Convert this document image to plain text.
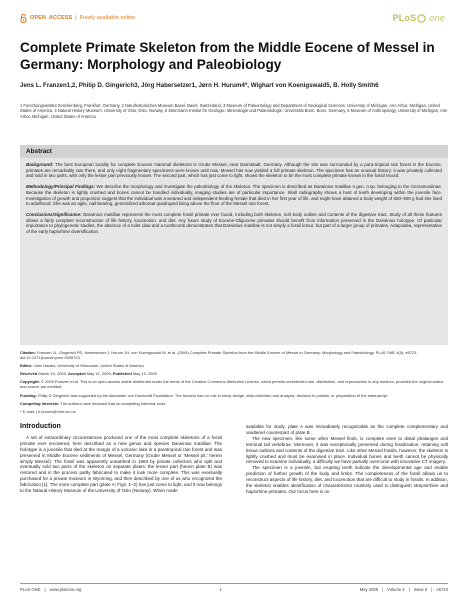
OPEN ACCESS | Freely available online	PLoS one
Complete Primate Skeleton from the Middle Eocene of Messel in Germany: Morphology and Paleobiology
Jens L. Franzen1,2, Philip D. Gingerich3, Jörg Habersetzer1, Jørn H. Hurum4*, Wighart von Koenigswald5, B. Holly Smith6
1 Forschungsinstitut Senckenberg, Frankfurt, Germany, 2 Naturhistorisches Museum Basel, Basel, Switzerland, 3 Museum of Paleontology and Department of Geological Sciences, University of Michigan, Ann Arbor, Michigan, United States of America, 4 Natural History Museum, University of Oslo, Oslo, Norway, 5 Steinmann-Institut für Geologie, Mineralogie und Paläontologie, Universität Bonn, Bonn, Germany, 6 Museum of Anthropology, University of Michigan, Ann Arbor, Michigan, United States of America
Abstract

Background: The best European locality for complete Eocene mammal skeletons is Grube Messel, near Darmstadt, Germany. Although the site was surrounded by a para-tropical rain forest in the Eocene, primates are remarkably rare there, and only eight fragmentary specimens were known until now. Messel has now yielded a full primate skeleton. The specimen has an unusual history: it was privately collected and sold in two parts, with only the lesser part previously known. The second part, which has just come to light, shows the skeleton to be the most complete primate known in the fossil record.

Methodology/Principal Findings: We describe the morphology and investigate the paleobiology of the skeleton. The specimen is described as Darwinius masillae n.gen. n.sp. belonging to the Cercamoniinae. Because the skeleton is lightly crushed and bones cannot be handled individually, imaging studies are of particular importance. Skull radiography shows a host of teeth developing within the juvenile face. Investigation of growth and proportion suggest that the individual was a weaned and independent-feeding female that died in her first year of life, and might have attained a body weight of 650–900 g had she lived to adulthood. She was an agile, nail-bearing, generalized arboreal quadruped living above the floor of the Messel rain forest.

Conclusions/Significance: Darwinius masillae represents the most complete fossil primate ever found, including both skeleton, soft body outline and contents of the digestive tract. Study of all these features allows a fairly complete reconstruction of life history, locomotion, and diet. Any future study of Eocene-Oligocene primates should benefit from information preserved in the Darwinius holotype. Of particular importance to phylogenetic studies, the absence of a toilet claw and a toothcomb demonstrates that Darwinius masillae is not simply a fossil lemur, but part of a larger group of primates, Adapoidea, representative of the early haplorhine diversification.

Citation: Franzen JL, Gingerich PD, Habersetzer J, Hurum JH, von Koenigswald W, et al. (2009) Complete Primate Skeleton from the Middle Eocene of Messel in Germany: Morphology and Paleobiology. PLoS ONE 4(5): e5723. doi:10.1371/journal.pone.0005723

Editor: John Hawks, University of Wisconsin, United States of America

Received March 19, 2009; Accepted May 12, 2009; Published May 19, 2009

Copyright: © 2009 Franzen et al. This is an open-access article distributed under the terms of the Creative Commons Attribution License, which permits unrestricted use, distribution, and reproduction in any medium, provided the original author and source are credited.

Funding: Philip D Gingerich was supported by the Alexander von Humboldt Foundation. The funders had no role in study design, data collection and analysis, decision to publish, or preparation of the manuscript.

Competing Interests: The authors have declared that no competing interests exist.

* E-mail: j.h.hurum@nhm.uio.no

Introduction

A set of extraordinary circumstances produced one of the most complete skeletons of a fossil primate ever recovered, here described as a new genus and species Darwinius masillae. The holotype is a juvenile that died at the margin of a volcanic lake in a paratropical rain forest and was preserved in Middle Eocene sediments of Messel, Germany (Grube Messel or 'Messel pit,' herein simply Messel). The fossil was apparently unearthed in 1983 by private collectors who split and eventually sold two parts of the skeleton on separate plates: the lesser part (herein plate B) was restored and in the process partly fabricated to make it look more complete. This was eventually purchased for a private museum in Wyoming, and then described by one of us who recognized the fabrication [1]. The more complete part (plate A; Figs. 1–2) has just come to light, and it now belongs to the Natural History Museum of the University of Oslo (Norway). When made

available for study, plate A was immediately recognizable as the complete complementary and unaltered counterpart of plate B.

The new specimen, like some other Messel finds, is complete even to distal phalanges and terminal tail vertebrae. Moreover, it was exceptionally preserved during fossilization, retaining soft tissue outlines and contents of the digestive tract. Like other Messel fossils, however, the skeleton is lightly crushed and must be examined in place. Individual bones and teeth cannot be physically removed to examine individually, a difficulty we have partially overcome with innovative CT imagery.

The specimen is a juvenile, but erupting teeth indicate the developmental age and enable prediction of further growth of the body and limbs. The completeness of the fossil allows us to reconstruct aspects of life history, diet, and locomotion that are difficult to study in fossils. In addition, the skeleton enables identification of characteristics routinely used to distinguish strepsirrhine and haplorhine primates. Our focus here is on

PLoS ONE | www.plosone.org	1	May 2009 | Volume 4 | Issue 5 | e5723
